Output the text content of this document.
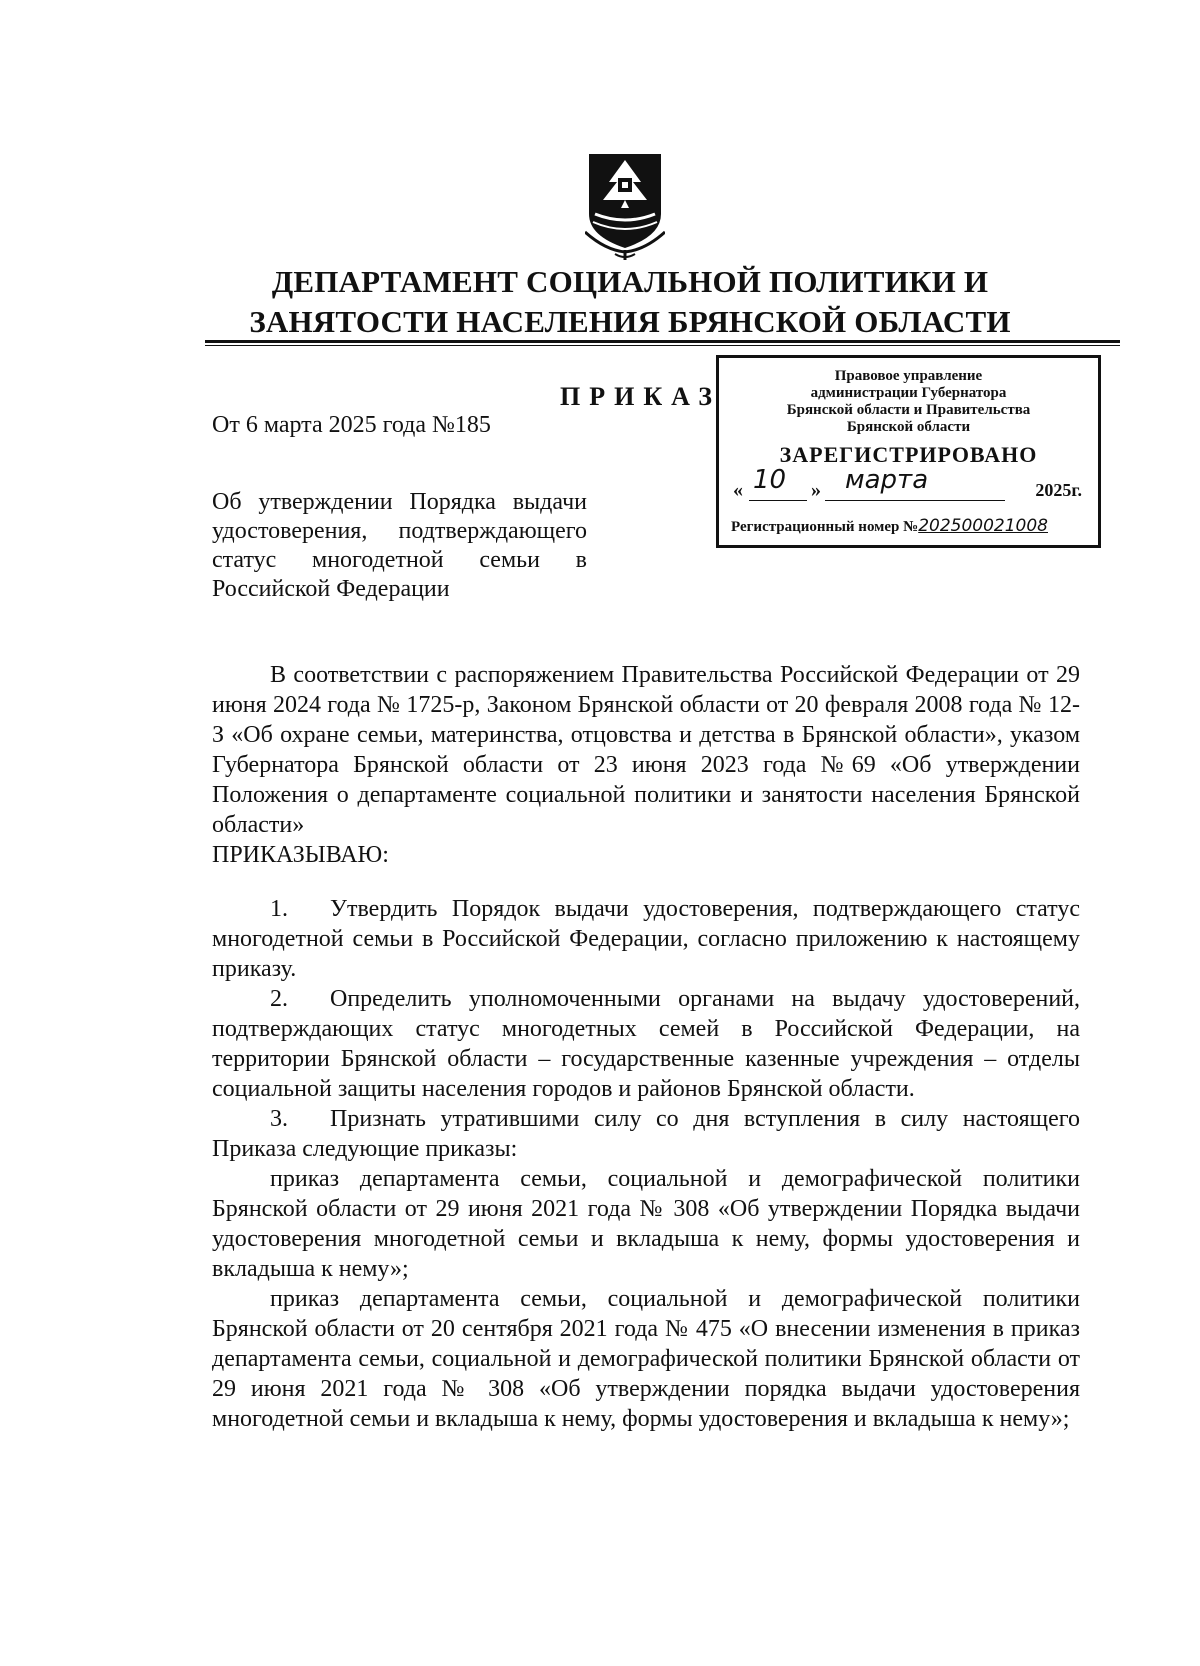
ДЕПАРТАМЕНТ СОЦИАЛЬНОЙ ПОЛИТИКИ И
ЗАНЯТОСТИ НАСЕЛЕНИЯ БРЯНСКОЙ ОБЛАСТИ
ПРИКАЗ
От 6 марта 2025 года №185
Правовое управление
администрации Губернатора
Брянской области и Правительства
Брянской области
ЗАРЕГИСТРИРОВАНО
« 10 » марта	2025г.
Регистрационный номер №202500021008
Об утверждении Порядка выдачи удостоверения, подтверждающего статус многодетной семьи в Российской Федерации

В соответствии с распоряжением Правительства Российской Федерации от 29 июня 2024 года № 1725-р, Законом Брянской области от 20 февраля 2008 года № 12-З «Об охране семьи, материнства, отцовства и детства в Брянской области», указом Губернатора Брянской области от 23 июня 2023 года №69 «Об утверждении Положения о департаменте социальной политики и занятости населения Брянской области»

ПРИКАЗЫВАЮ:

1. Утвердить Порядок выдачи удостоверения, подтверждающего статус многодетной семьи в Российской Федерации, согласно приложению к настоящему приказу.

2. Определить уполномоченными органами на выдачу удостоверений, подтверждающих статус многодетных семей в Российской Федерации, на территории Брянской области – государственные казенные учреждения – отделы социальной защиты населения городов и районов Брянской области.

3. Признать утратившими силу со дня вступления в силу настоящего Приказа следующие приказы:

приказ департамента семьи, социальной и демографической политики Брянской области от 29 июня 2021 года № 308 «Об утверждении Порядка выдачи удостоверения многодетной семьи и вкладыша к нему, формы удостоверения и вкладыша к нему»;

приказ департамента семьи, социальной и демографической политики Брянской области от 20 сентября 2021 года № 475 «О внесении изменения в приказ департамента семьи, социальной и демографической политики Брянской области от 29 июня 2021 года № 308 «Об утверждении порядка выдачи удостоверения многодетной семьи и вкладыша к нему, формы удостоверения и вкладыша к нему»;
